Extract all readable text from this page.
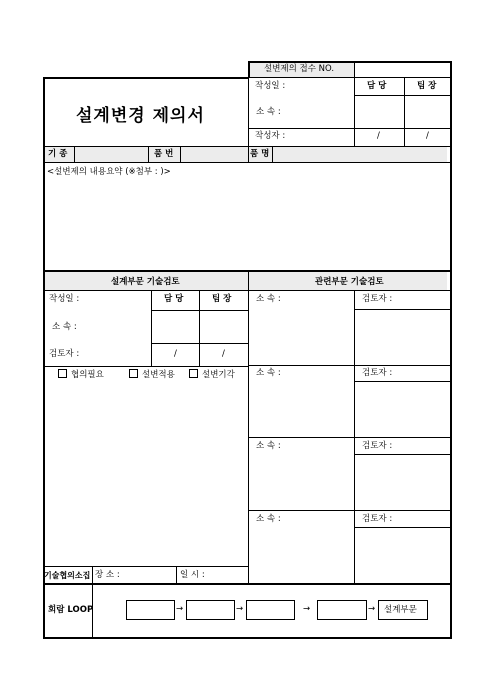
설변제의 접수 NO.
설계변경 제의서
작성일 :	담 당	팀 장
소 속 :
작성자 :	/	/
기 종	품 번	품 명
<설변제의 내용요약 (※첨부 : )>
설계부문 기술검토	관련부문 기술검토
작성일 :	담 당	팀 장
소 속 :
검토자 :	/	/
협의필요	설변적용	설변기각
소 속 :	검토자 :
소 속 :	검토자 :
소 속 :	검토자 :
소 속 :	검토자 :
기술협의소집 장 소 :	일 시 :
회람 LOOP	→	→	→	→ 설계부문
